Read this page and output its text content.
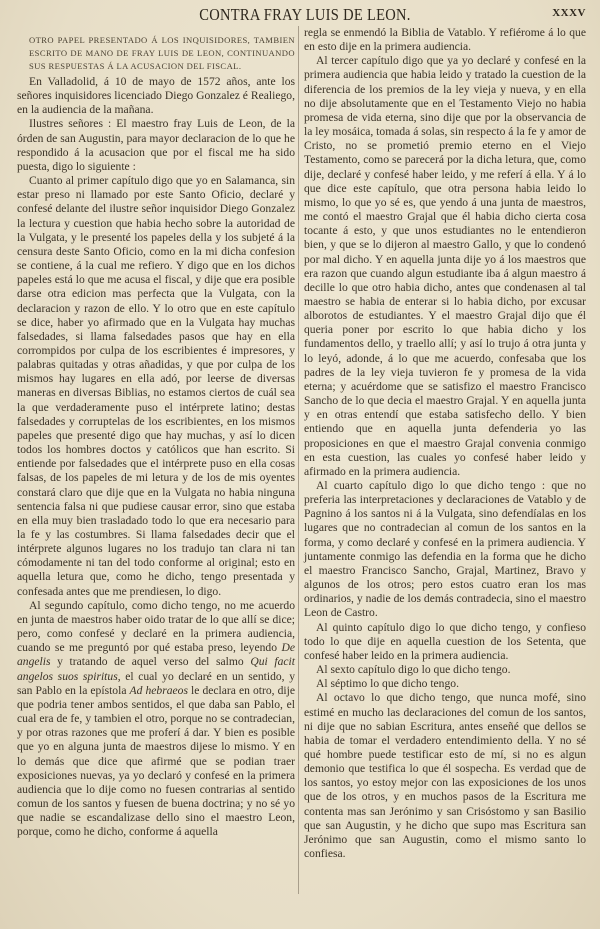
CONTRA FRAY LUIS DE LEON.	XXXV
OTRO PAPEL PRESENTADO Á LOS INQUISIDORES, TAMBIEN ESCRITO DE MANO DE FRAY LUIS DE LEON, CONTINUANDO SUS RESPUESTAS Á LA ACUSACION DEL FISCAL.

En Valladolid, á 10 de mayo de 1572 años, ante los señores inquisidores licenciado Diego Gonzalez é Realiego, en la audiencia de la mañana.

Ilustres señores : El maestro fray Luis de Leon, de la órden de san Augustin, para mayor declaracion de lo que he respondido á la acusacion que por el fiscal me ha sido puesta, digo lo siguiente :

Cuanto al primer capítulo digo que yo en Salamanca, sin estar preso ni llamado por este Santo Oficio, declaré y confesé delante del ilustre señor inquisidor Diego Gonzalez la lectura y cuestion que habia hecho sobre la autoridad de la Vulgata, y le presenté los papeles della y los subjeté á la censura deste Santo Oficio, como en la mi dicha confesion se contiene, á la cual me refiero. Y digo que en los dichos papeles está lo que me acusa el fiscal, y dije que era posible darse otra edicion mas perfecta que la Vulgata, con la declaracion y razon de ello. Y lo otro que en este capítulo se dice, haber yo afirmado que en la Vulgata hay muchas falsedades, si llama falsedades pasos que hay en ella corrompidos por culpa de los escribientes é impresores, y palabras quitadas y otras añadidas, y que por culpa de los mismos hay lugares en ella adó, por leerse de diversas maneras en diversas Biblias, no estamos ciertos de cuál sea la que verdaderamente puso el intérprete latino; destas falsedades y corruptelas de los escribientes, en los mismos papeles que presenté digo que hay muchas, y así lo dicen todos los hombres doctos y católicos que han escrito. Si entiende por falsedades que el intérprete puso en ella cosas falsas, de los papeles de mi letura y de los de mis oyentes constará claro que dije que en la Vulgata no habia ninguna sentencia falsa ni que pudiese causar error, sino que estaba en ella muy bien trasladado todo lo que era necesario para la fe y las costumbres. Si llama falsedades decir que el intérprete algunos lugares no los tradujo tan clara ni tan cómodamente ni tan del todo conforme al original; esto en aquella letura que, como he dicho, tengo presentada y confesada antes que me prendiesen, lo digo.

Al segundo capítulo, como dicho tengo, no me acuerdo en junta de maestros haber oido tratar de lo que allí se dice; pero, como confesé y declaré en la primera audiencia, cuando se me preguntó por qué estaba preso, leyendo De angelis y tratando de aquel verso del salmo Qui facit angelos suos spiritus, el cual yo declaré en un sentido, y san Pablo en la epístola Ad hebraeos le declara en otro, dije que podria tener ambos sentidos, el que daba san Pablo, el cual era de fe, y tambien el otro, porque no se contradecian, y por otras razones que me proferí á dar. Y bien es posible que yo en alguna junta de maestros dijese lo mismo. Y en lo demás que dice que afirmé que se podian traer exposiciones nuevas, ya yo declaró y confesé en la primera audiencia que lo dije como no fuesen contrarias al sentido comun de los santos y fuesen de buena doctrina; y no sé yo que nadie se escandalizase dello sino el maestro Leon, porque, como he dicho, conforme á aquella

regla se enmendó la Biblia de Vatablo. Y refiérome á lo que en esto dije en la primera audiencia.

Al tercer capítulo digo que ya yo declaré y confesé en la primera audiencia que habia leido y tratado la cuestion de la diferencia de los premios de la ley vieja y nueva, y en ella no dije absolutamente que en el Testamento Viejo no habia promesa de vida eterna, sino dije que por la observancia de la ley mosáica, tomada á solas, sin respecto á la fe y amor de Cristo, no se prometió premio eterno en el Viejo Testamento, como se parecerá por la dicha letura, que, como dije, declaré y confesé haber leido, y me referí á ella. Y á lo que dice este capítulo, que otra persona habia leido lo mismo, lo que yo sé es, que yendo á una junta de maestros, me contó el maestro Grajal que él habia dicho cierta cosa tocante á esto, y que unos estudiantes no le entendieron bien, y que se lo dijeron al maestro Gallo, y que lo condenó por mal dicho. Y en aquella junta dije yo á los maestros que era razon que cuando algun estudiante iba á algun maestro á decille lo que otro habia dicho, antes que condenasen al tal maestro se habia de enterar si lo habia dicho, por excusar alborotos de estudiantes. Y el maestro Grajal dijo que él queria poner por escrito lo que habia dicho y los fundamentos dello, y traello allí; y así lo trujo á otra junta y lo leyó, adonde, á lo que me acuerdo, confesaba que los padres de la ley vieja tuvieron fe y promesa de la vida eterna; y acuérdome que se satisfizo el maestro Francisco Sancho de lo que decia el maestro Grajal. Y en aquella junta y en otras entendí que estaba satisfecho dello. Y bien entiendo que en aquella junta defenderia yo las proposiciones en que el maestro Grajal convenia conmigo en esta cuestion, las cuales yo confesé haber leido y afirmado en la primera audiencia.

Al cuarto capítulo digo lo que dicho tengo : que no preferia las interpretaciones y declaraciones de Vatablo y de Pagnino á los santos ni á la Vulgata, sino defendíalas en los lugares que no contradecian al comun de los santos en la forma, y como declaré y confesé en la primera audiencia. Y juntamente conmigo las defendia en la forma que he dicho el maestro Francisco Sancho, Grajal, Martinez, Bravo y algunos de los otros; pero estos cuatro eran los mas ordinarios, y nadie de los demás contradecia, sino el maestro Leon de Castro.

Al quinto capítulo digo lo que dicho tengo, y confieso todo lo que dije en aquella cuestion de los Setenta, que confesé haber leido en la primera audiencia.

Al sexto capítulo digo lo que dicho tengo.

Al séptimo lo que dicho tengo.

Al octavo lo que dicho tengo, que nunca mofé, sino estimé en mucho las declaraciones del comun de los santos, ni dije que no sabian Escritura, antes enseñé que dellos se habia de tomar el verdadero entendimiento della. Y no sé qué hombre puede testificar esto de mí, si no es algun demonio que testifica lo que él sospecha. Es verdad que de los santos, yo estoy mejor con las exposiciones de los unos que de los otros, y en muchos pasos de la Escritura me contenta mas san Jerónimo y san Crisóstomo y san Basilio que san Augustin, y he dicho que supo mas Escritura san Jerónimo que san Augustin, como el mismo santo lo confiesa.
